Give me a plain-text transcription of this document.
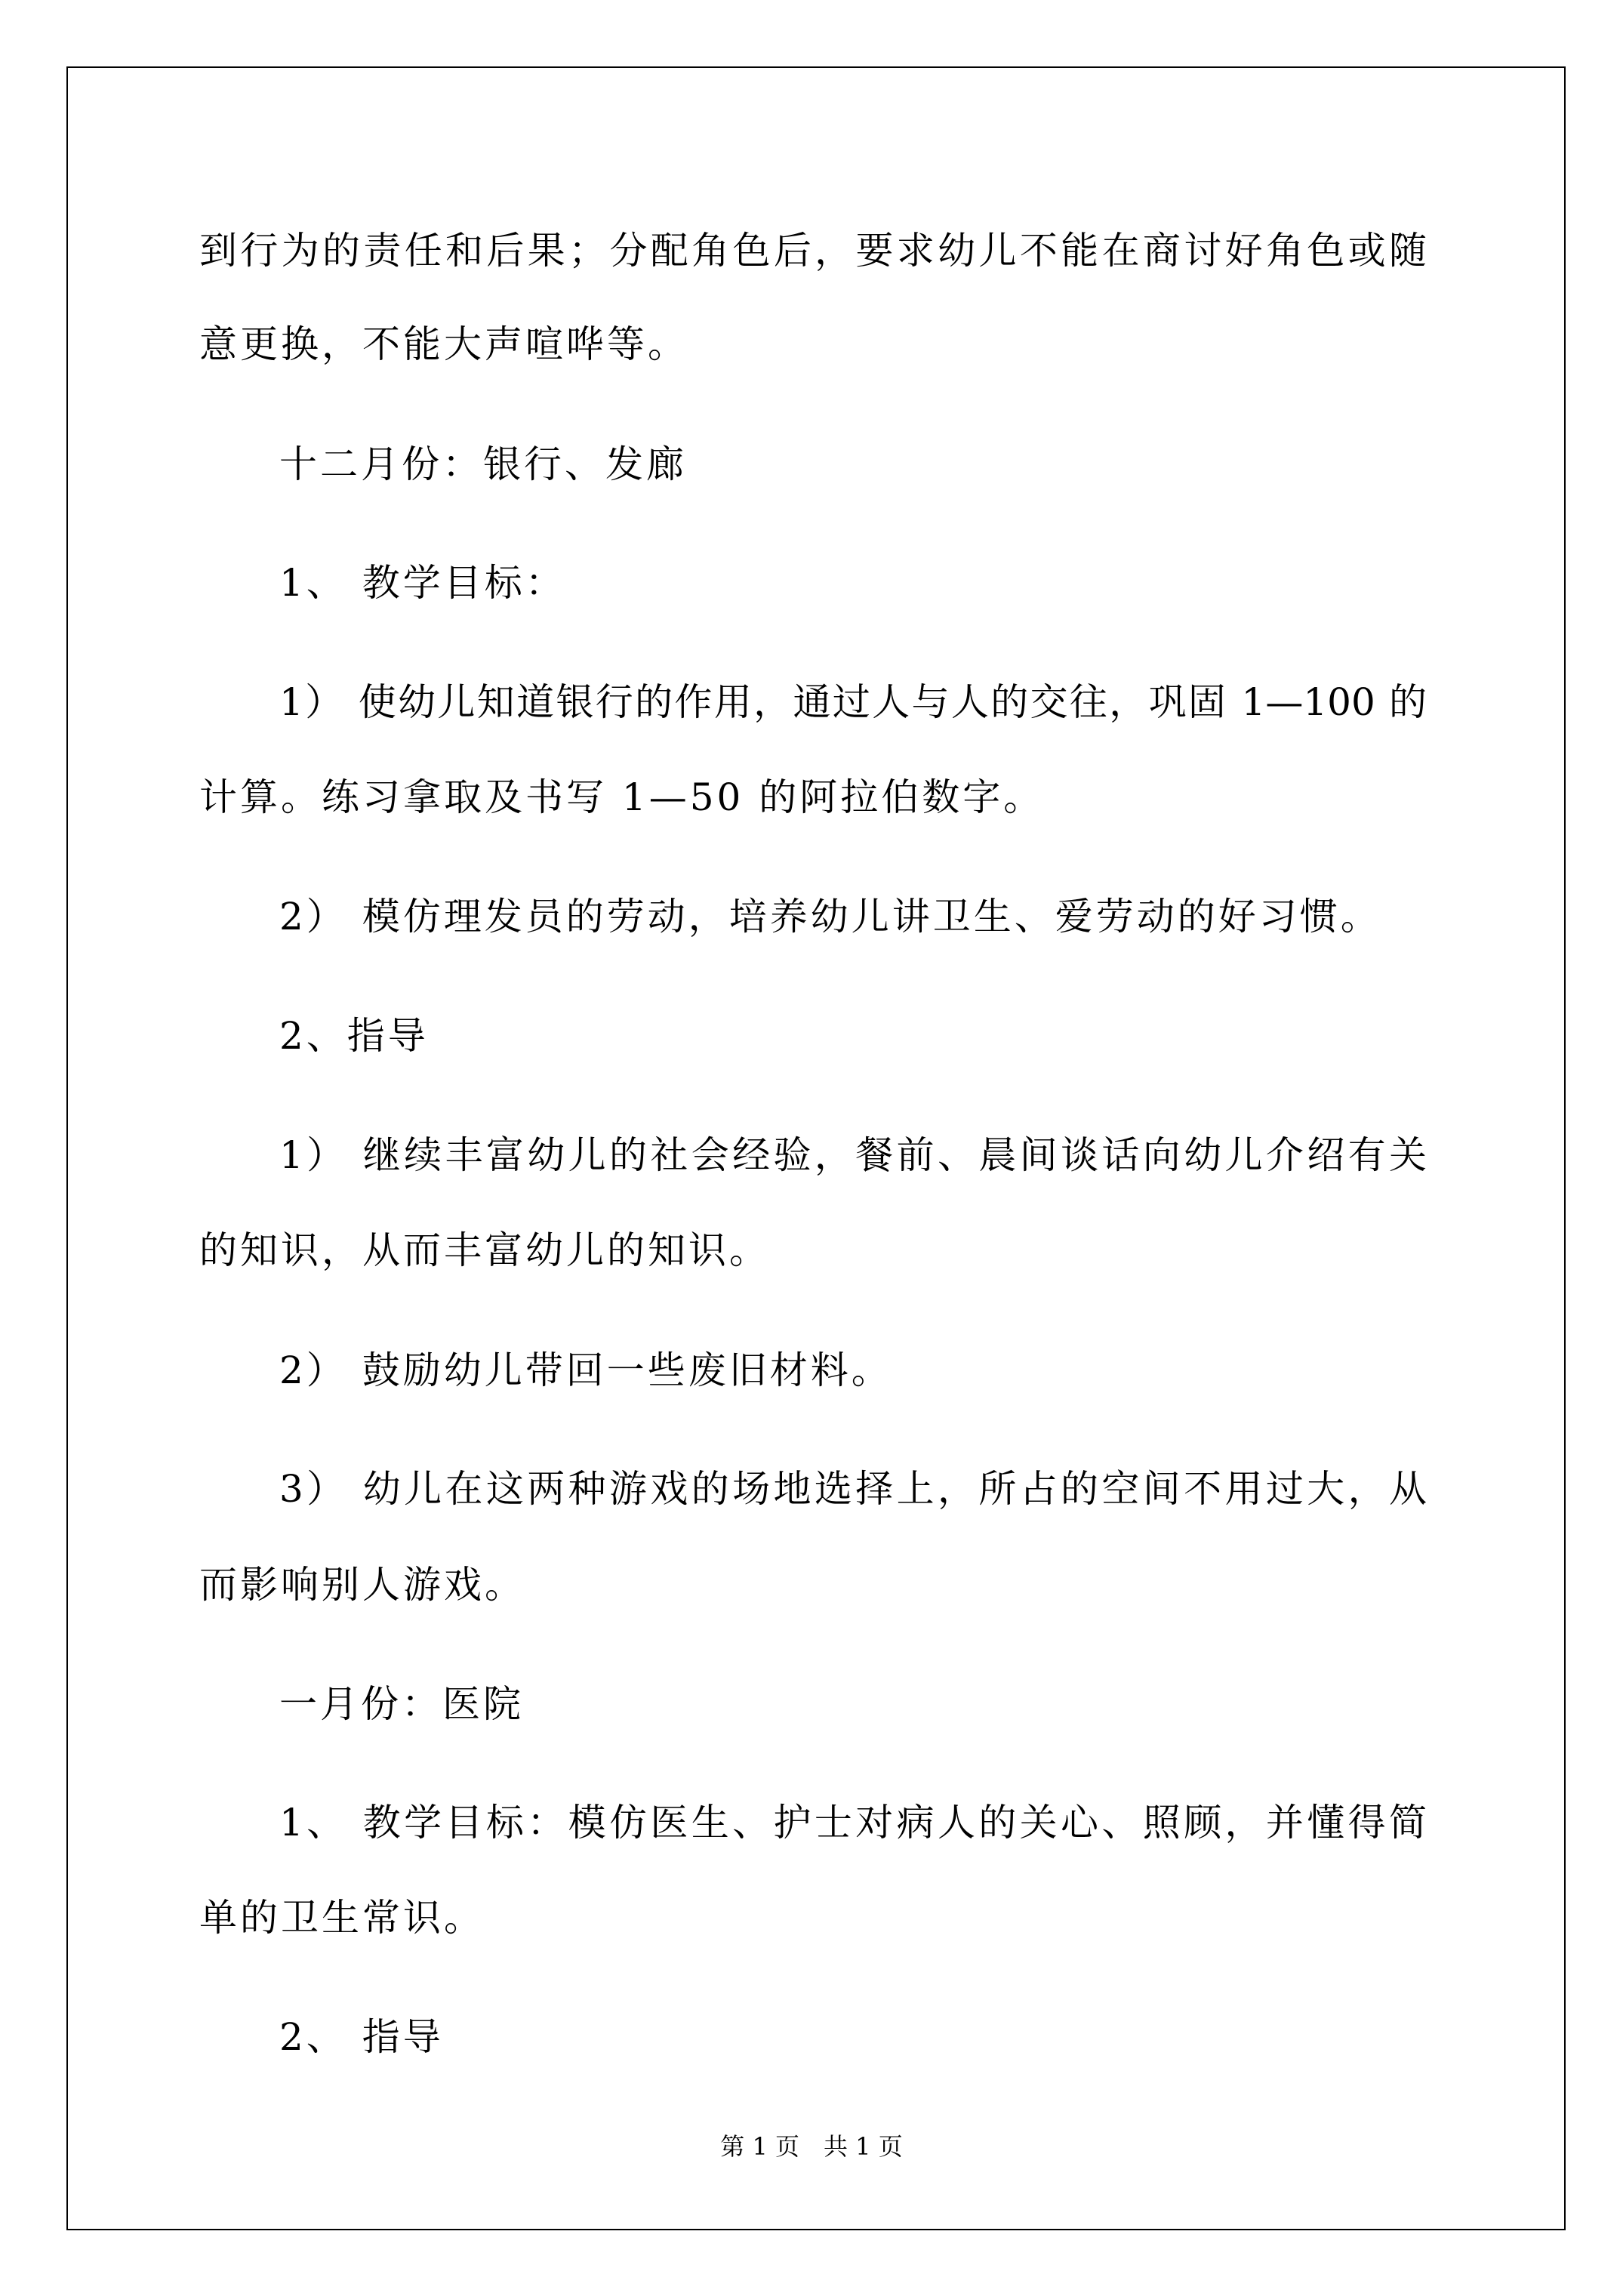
到行为的责任和后果；分配角色后，要求幼儿不能在商讨好角色或随
意更换，不能大声喧哗等。
十二月份：银行、发廊
1、 教学目标：
1） 使幼儿知道银行的作用，通过人与人的交往，巩固 1—100 的
计算。练习拿取及书写 1—50 的阿拉伯数字。
2） 模仿理发员的劳动，培养幼儿讲卫生、爱劳动的好习惯。
2、指导
1） 继续丰富幼儿的社会经验，餐前、晨间谈话向幼儿介绍有关
的知识，从而丰富幼儿的知识。
2） 鼓励幼儿带回一些废旧材料。
3） 幼儿在这两种游戏的场地选择上，所占的空间不用过大，从
而影响别人游戏。
一月份：医院
1、 教学目标：模仿医生、护士对病人的关心、照顾，并懂得简
单的卫生常识。
2、 指导
第 1 页　共 1 页
